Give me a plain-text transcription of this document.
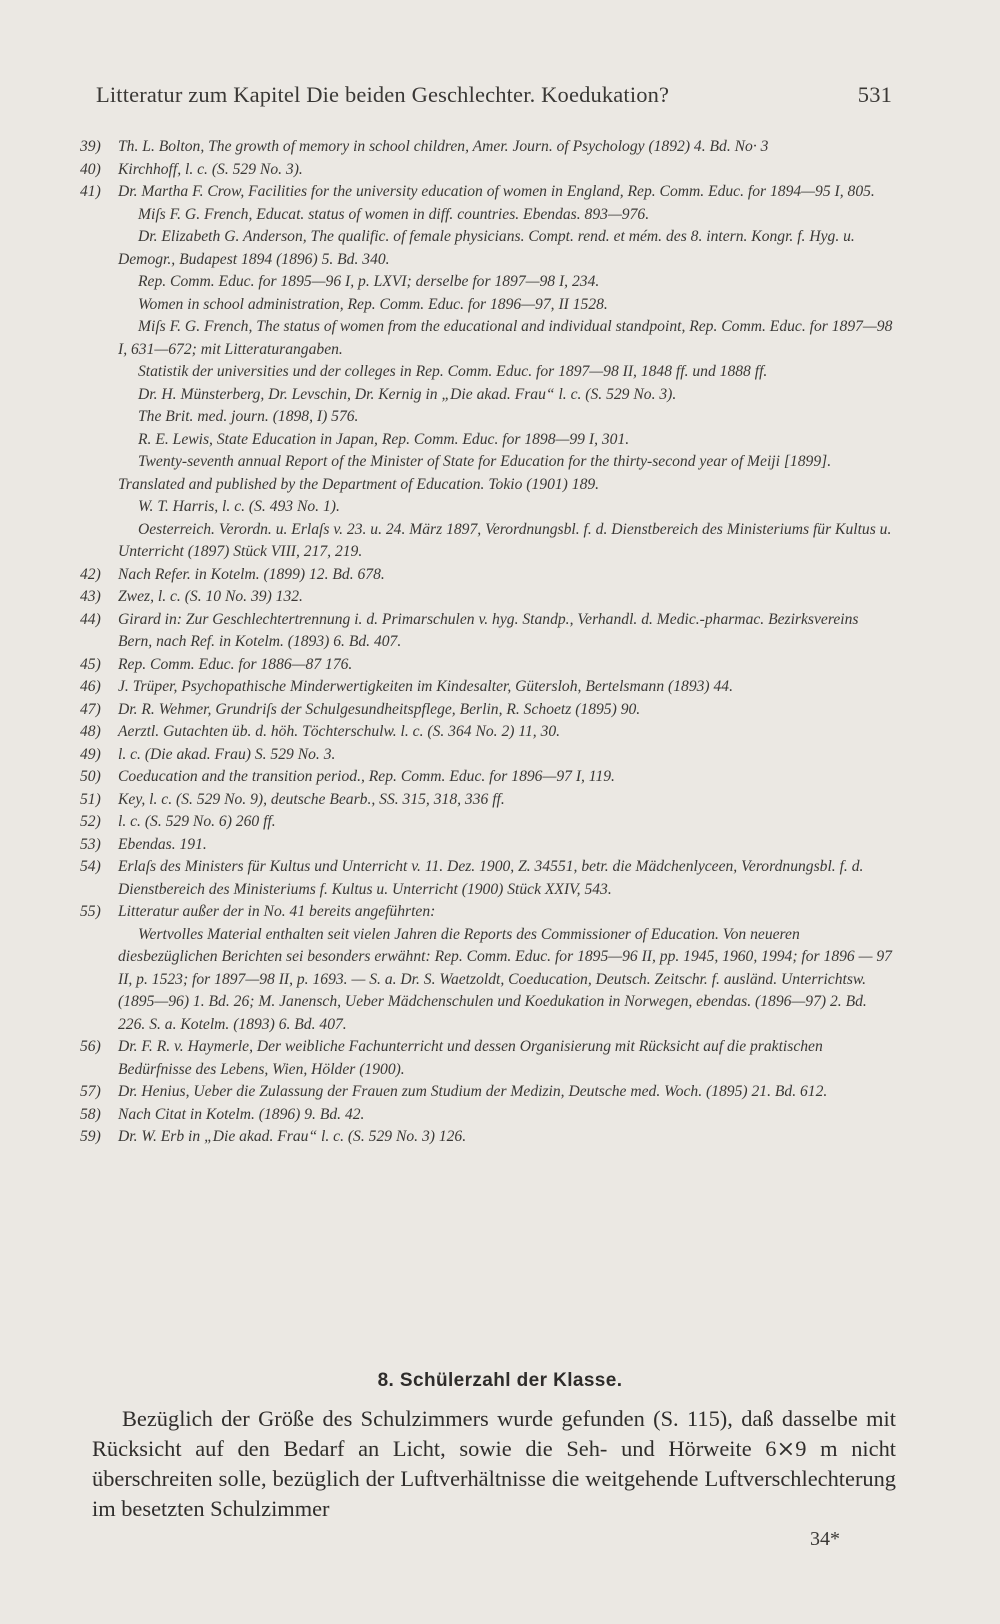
Litteratur zum Kapitel Die beiden Geschlechter. Koedukation?	531
39) Th. L. Bolton, The growth of memory in school children, Amer. Journ. of Psychology (1892) 4. Bd. No· 3
40) Kirchhoff, l. c. (S. 529 No. 3).
41) Dr. Martha F. Crow, Facilities for the university education of women in England, Rep. Comm. Educ. for 1894—95 I, 805.
Miſs F. G. French, Educat. status of women in diff. countries. Ebendas. 893—976.
Dr. Elizabeth G. Anderson, The qualific. of female physicians. Compt. rend. et mém. des 8. intern. Kongr. f. Hyg. u. Demogr., Budapest 1894 (1896) 5. Bd. 340.
Rep. Comm. Educ. for 1895—96 I, p. LXVI; derselbe for 1897—98 I, 234.
Women in school administration, Rep. Comm. Educ. for 1896—97, II 1528.
Miſs F. G. French, The status of women from the educational and individual standpoint, Rep. Comm. Educ. for 1897—98 I, 631—672; mit Litteraturangaben.
Statistik der universities und der colleges in Rep. Comm. Educ. for 1897—98 II, 1848 ff. und 1888 ff.
Dr. H. Münsterberg, Dr. Levschin, Dr. Kernig in „Die akad. Frau“ l. c. (S. 529 No. 3).
The Brit. med. journ. (1898, I) 576.
R. E. Lewis, State Education in Japan, Rep. Comm. Educ. for 1898—99 I, 301.
Twenty-seventh annual Report of the Minister of State for Education for the thirty-second year of Meiji [1899]. Translated and published by the Department of Education. Tokio (1901) 189.
W. T. Harris, l. c. (S. 493 No. 1).
Oesterreich. Verordn. u. Erlaſs v. 23. u. 24. März 1897, Verordnungsbl. f. d. Dienstbereich des Ministeriums für Kultus u. Unterricht (1897) Stück VIII, 217, 219.
42) Nach Refer. in Kotelm. (1899) 12. Bd. 678.
43) Zwez, l. c. (S. 10 No. 39) 132.
44) Girard in: Zur Geschlechtertrennung i. d. Primarschulen v. hyg. Standp., Verhandl. d. Medic.-pharmac. Bezirksvereins Bern, nach Ref. in Kotelm. (1893) 6. Bd. 407.
45) Rep. Comm. Educ. for 1886—87 176.
46) J. Trüper, Psychopathische Minderwertigkeiten im Kindesalter, Gütersloh, Bertelsmann (1893) 44.
47) Dr. R. Wehmer, Grundriſs der Schulgesundheitspflege, Berlin, R. Schoetz (1895) 90.
48) Aerztl. Gutachten üb. d. höh. Töchterschulw. l. c. (S. 364 No. 2) 11, 30.
49) l. c. (Die akad. Frau) S. 529 No. 3.
50) Coeducation and the transition period., Rep. Comm. Educ. for 1896—97 I, 119.
51) Key, l. c. (S. 529 No. 9), deutsche Bearb., SS. 315, 318, 336 ff.
52) l. c. (S. 529 No. 6) 260 ff.
53) Ebendas. 191.
54) Erlaſs des Ministers für Kultus und Unterricht v. 11. Dez. 1900, Z. 34551, betr. die Mädchenlyceen, Verordnungsbl. f. d. Dienstbereich des Ministeriums f. Kultus u. Unterricht (1900) Stück XXIV, 543.
55) Litteratur außer der in No. 41 bereits angeführten:
Wertvolles Material enthalten seit vielen Jahren die Reports des Commissioner of Education. Von neueren diesbezüglichen Berichten sei besonders erwähnt: Rep. Comm. Educ. for 1895—96 II, pp. 1945, 1960, 1994; for 1896 — 97 II, p. 1523; for 1897—98 II, p. 1693. — S. a. Dr. S. Waetzoldt, Coeducation, Deutsch. Zeitschr. f. ausländ. Unterrichtsw. (1895—96) 1. Bd. 26; M. Janensch, Ueber Mädchenschulen und Koedukation in Norwegen, ebendas. (1896—97) 2. Bd. 226. S. a. Kotelm. (1893) 6. Bd. 407.
56) Dr. F. R. v. Haymerle, Der weibliche Fachunterricht und dessen Organisierung mit Rücksicht auf die praktischen Bedürfnisse des Lebens, Wien, Hölder (1900).
57) Dr. Henius, Ueber die Zulassung der Frauen zum Studium der Medizin, Deutsche med. Woch. (1895) 21. Bd. 612.
58) Nach Citat in Kotelm. (1896) 9. Bd. 42.
59) Dr. W. Erb in „Die akad. Frau“ l. c. (S. 529 No. 3) 126.
8. Schülerzahl der Klasse.
Bezüglich der Größe des Schulzimmers wurde gefunden (S. 115), daß dasselbe mit Rücksicht auf den Bedarf an Licht, sowie die Seh- und Hörweite 6⨯9 m nicht überschreiten solle, bezüglich der Luftverhältnisse die weitgehende Luftverschlechterung im besetzten Schulzimmer
34*
